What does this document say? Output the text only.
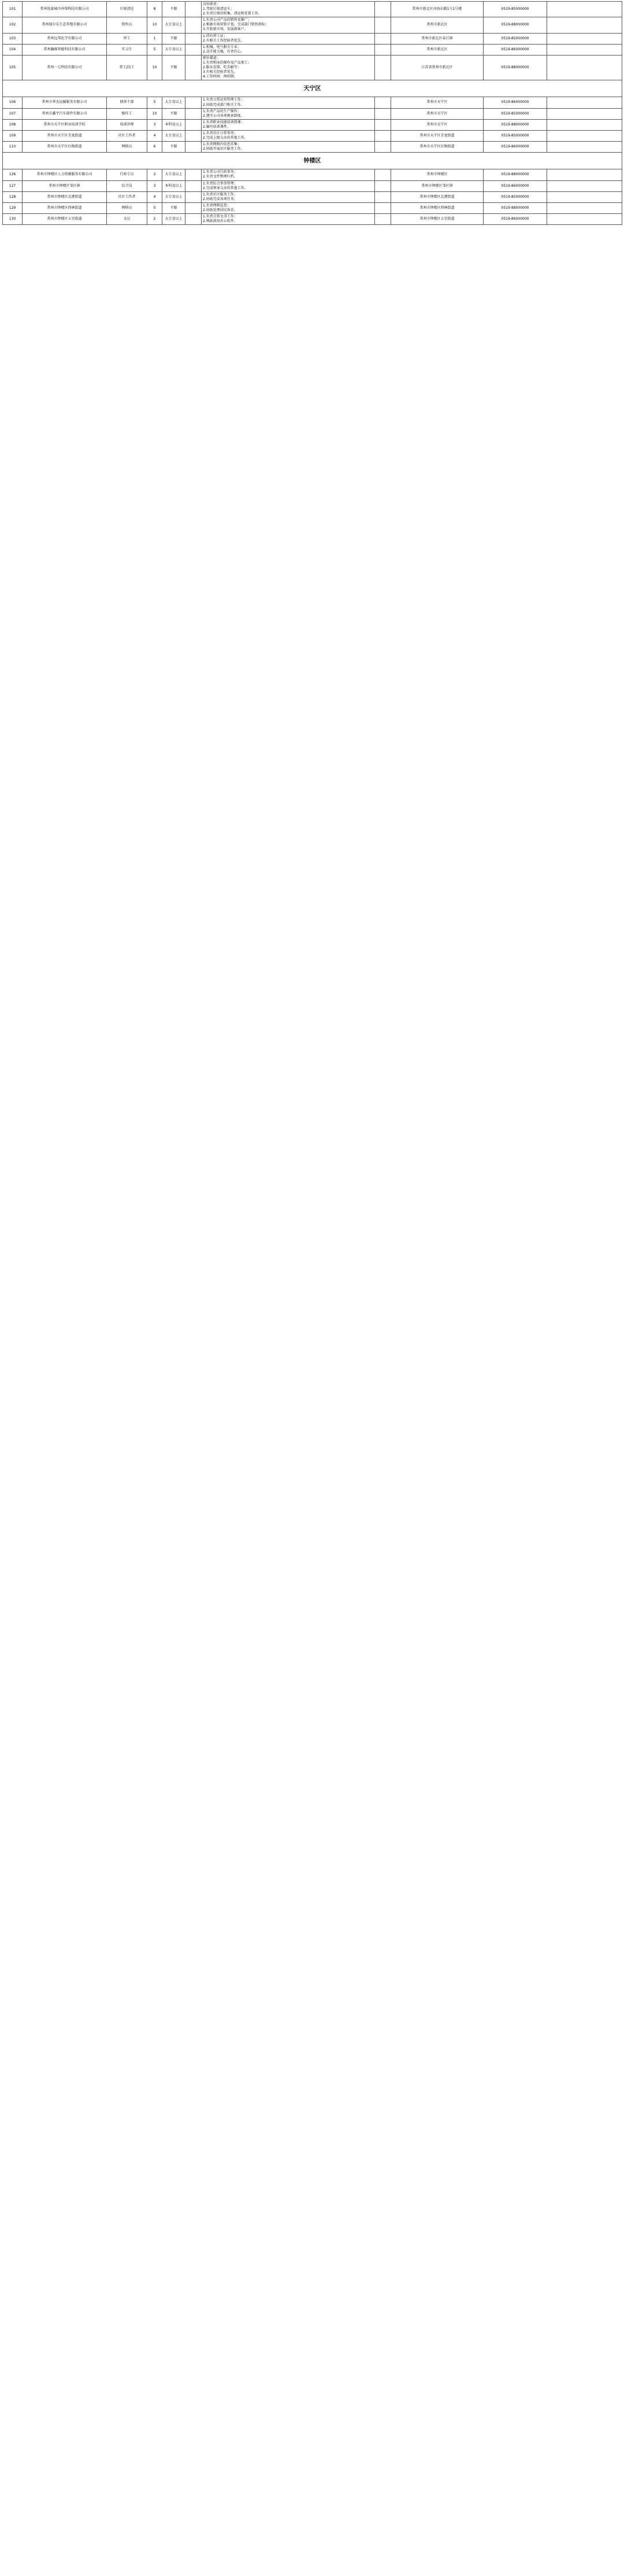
101	常州锐豪城市环保科技有限公司	垃圾清运	8	不限		岗位职责：
1.驾驶垃圾清运车；
2.负责垃圾的收集、清运和处置工作。		常州市新北区河海东路1号1号楼	0519-85000000	
102	常州瑞尔乐生态养殖有限公司	销售员	10	大专及以上		1.负责公司产品的销售及推广；
2.根据市场营销计划，完成部门销售指标；
3.开拓新市场，发展新客户。		常州市新北区	0519-88000000	
103	常州远邦化学有限公司	焊工	1	不限		1.持有焊工证；
2.有相关工作经验者优先。		常州市新北区春江镇	0519-85000000	
104	常州瀚维智能科技有限公司	实习生	5	大专及以上		1.机械、电气相关专业；
2.动手能力强，有责任心。		常州市新北区	0519-86000000	
105	常州一元科技有限公司	普工/技工	10	不限		职位描述：
1.负责机床的操作及产品加工；
2.服从安排，吃苦耐劳；
3.有相关经验者优先。
4.工作时间：两班倒。		江苏省常州市新北区	0519-88000000	
天宁区										
106	常州市华杰运输服务有限公司	储备干部	5	大专及以上		1.负责日常运营管理工作；
2.协助完成部门相关工作。		常州市天宁区	0519-86000000	
107	常州市鑫宇汽车部件有限公司	操作工	10	不限		1.负责产品的生产操作；
2.遵守公司各项规章制度。		常州市天宁区	0519-85000000	
108	常州市天宁区职业培训学校	培训讲师	3	本科及以上		1.负责职业技能培训授课；
2.编写培训课件。		常州市天宁区	0519-88000000	
109	常州市天宁区青龙街道	社区工作者	4	大专及以上		1.负责社区日常事务；
2.完成上级交办的其他工作。		常州市天宁区青龙街道	0519-85000000	
110	常州市天宁区红梅街道	网格员	6	不限		1.负责网格内信息采集；
2.协助开展社区服务工作。		常州市天宁区红梅街道	0519-86000000	
钟楼区										
126	常州市钟楼区人力资源服务有限公司	行政专员	2	大专及以上		1.负责公司行政事务；
2.负责文件整理归档。		常州市钟楼区	0519-88000000	
127	常州市钟楼区邹区镇	综合岗	3	本科及以上		1.负责综合事务管理；
2.完成领导交办的其他工作。		常州市钟楼区邹区镇	0519-86000000	
128	常州市钟楼区北港街道	社区工作者	4	大专及以上		1.负责社区服务工作；
2.协助完成各项任务。		常州市钟楼区北港街道	0519-85000000	
129	常州市钟楼区西林街道	网格员	5	不限		1.负责网格巡查；
2.协助处理居民诉求。		常州市钟楼区西林街道	0519-88000000	
130	常州市钟楼区五星街道	文员	2	大专及以上		1.负责日常文书工作；
2.熟练使用办公软件。		常州市钟楼区五星街道	0519-86000000	
